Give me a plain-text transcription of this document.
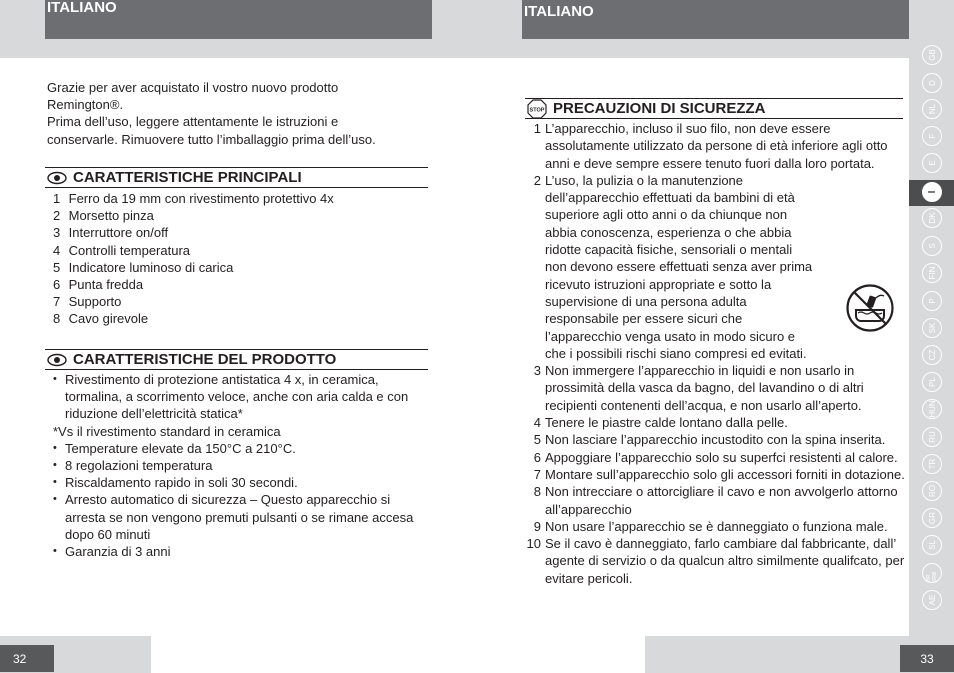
ITALIANO	ITALIANO
Grazie per aver acquistato il vostro nuovo prodotto
Remington®.
Prima dell’uso, leggere attentamente le istruzioni e
conservarle. Rimuovere tutto l’imballaggio prima dell’uso.
CARATTERISTICHE PRINCIPALI
1 Ferro da 19 mm con rivestimento protettivo 4x
2 Morsetto pinza
3 Interruttore on/off
4 Controlli temperatura
5 Indicatore luminoso di carica
6 Punta fredda
7 Supporto
8 Cavo girevole
CARATTERISTICHE DEL PRODOTTO
• Rivestimento di protezione antistatica 4 x, in ceramica, tormalina, a scorrimento veloce, anche con aria calda e con riduzione dell’elettricità statica*
*Vs il rivestimento standard in ceramica
• Temperature elevate da 150°C a 210°C.
• 8 regolazioni temperatura
• Riscaldamento rapido in soli 30 secondi.
• Arresto automatico di sicurezza – Questo apparecchio si arresta se non vengono premuti pulsanti o se rimane accesa dopo 60 minuti
• Garanzia di 3 anni
STOP PRECAUZIONI DI SICUREZZA
1 L’apparecchio, incluso il suo filo, non deve essere assolutamente utilizzato da persone di età inferiore agli otto anni e deve sempre essere tenuto fuori dalla loro portata.
2 L’uso, la pulizia o la manutenzione dell’apparecchio effettuati da bambini di età superiore agli otto anni o da chiunque non abbia conoscenza, esperienza o che abbia ridotte capacità fisiche, sensoriali o mentali non devono essere effettuati senza aver prima ricevuto istruzioni appropriate e sotto la supervisione di una persona adulta responsabile per essere sicuri che l’apparecchio venga usato in modo sicuro e che i possibili rischi siano compresi ed evitati.
3 Non immergere l’apparecchio in liquidi e non usarlo in prossimità della vasca da bagno, del lavandino o di altri recipienti contenenti dell’acqua, e non usarlo all’aperto.
4 Tenere le piastre calde lontano dalla pelle.
5 Non lasciare l’apparecchio incustodito con la spina inserita.
6 Appoggiare l’apparecchio solo su superfci resistenti al calore.
7 Montare sull’apparecchio solo gli accessori forniti in dotazione.
8 Non intrecciare o attorcigliare il cavo e non avvolgerlo attorno all’apparecchio
9 Non usare l’apparecchio se è danneggiato o funziona male.
10 Se il cavo è danneggiato, farlo cambiare dal fabbricante, dall’ agente di servizio o da qualcun altro similmente qualifcato, per evitare pericoli.
GB
D
NL
F
E
I
DK
S
FIN
P
SK
CZ
PL
HUN
RU
TR
RO
GR
SL
HR SRB
AE
32	33
